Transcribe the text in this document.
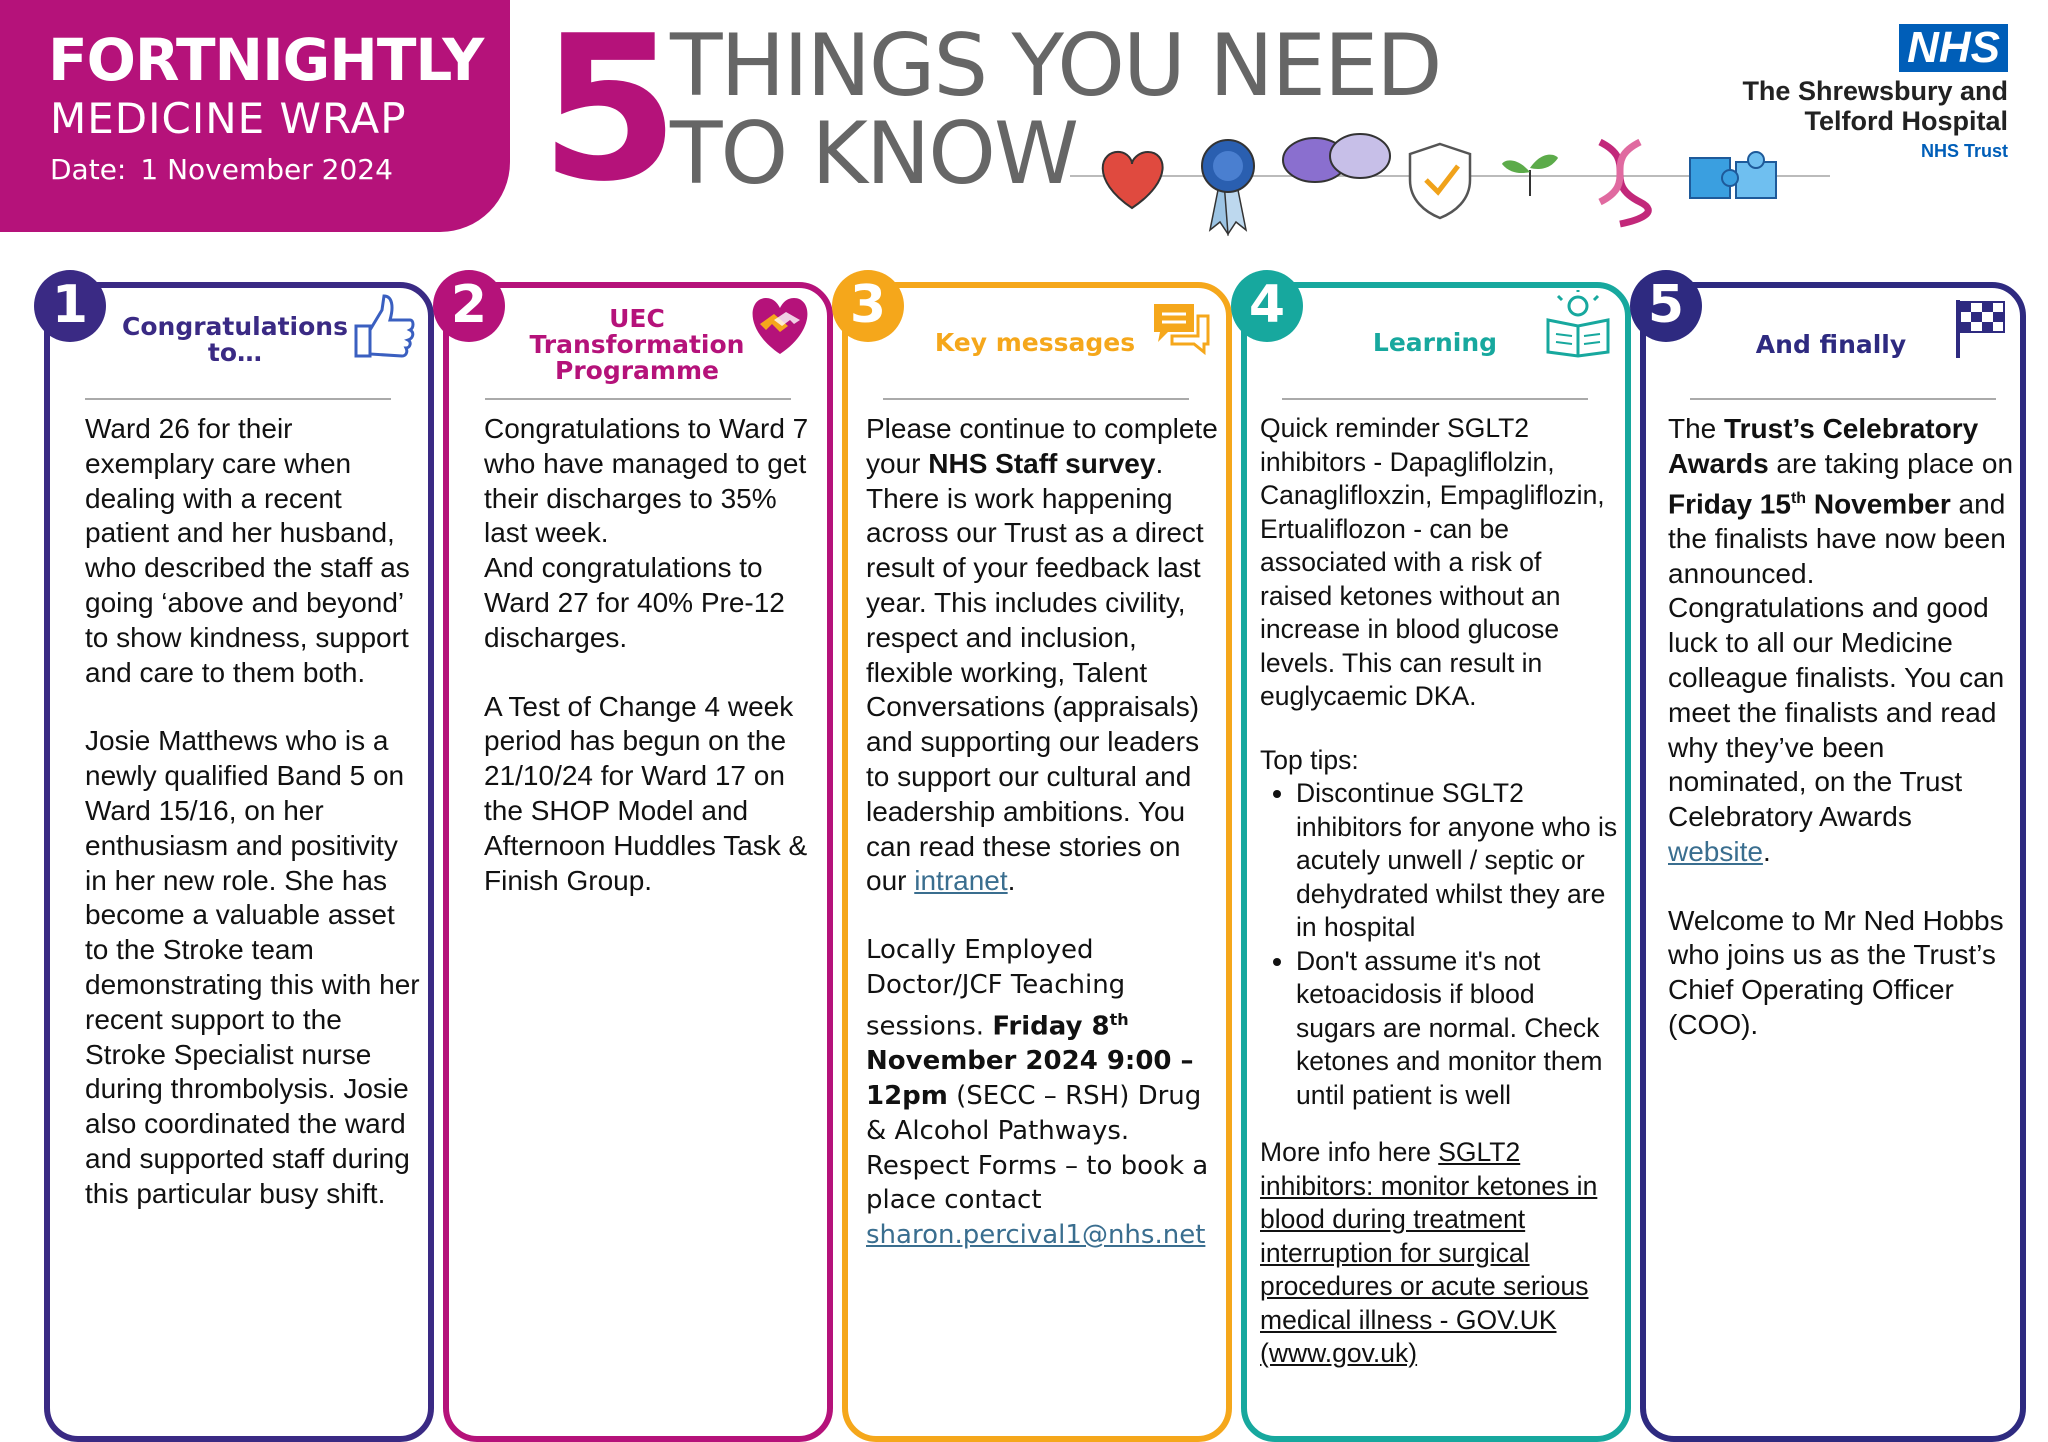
FORTNIGHTLY
MEDICINE WRAP
Date: 1 November 2024 5
THINGS YOU NEED
TO KNOW
NHS
The Shrewsbury and
Telford Hospital
NHS Trust
1	Congratulations to…

Ward 26 for their exemplary care when dealing with a recent patient and her husband, who described the staff as going ‘above and beyond’ to show kindness, support and care to them both.

Josie Matthews who is a newly qualified Band 5 on Ward 15/16, on her enthusiasm and positivity in her new role. She has become a valuable asset to the Stroke team demonstrating this with her recent support to the Stroke Specialist nurse during thrombolysis. Josie also coordinated the ward and supported staff during this particular busy shift.

2	UEC
Transformation
Programme

Congratulations to Ward 7 who have managed to get their discharges to 35% last week.

And congratulations to Ward 27 for 40% Pre-12 discharges.

A Test of Change 4 week period has begun on the 21/10/24 for Ward 17 on the SHOP Model and Afternoon Huddles Task & Finish Group.

3
Key messages

Please continue to complete your NHS Staff survey. There is work happening across our Trust as a direct result of your feedback last year. This includes civility, respect and inclusion, flexible working, Talent Conversations (appraisals) and supporting our leaders to support our cultural and leadership ambitions. You can read these stories on our intranet.

Locally Employed Doctor/JCF Teaching sessions. Friday 8th November 2024 9:00 – 12pm (SECC – RSH) Drug & Alcohol Pathways. Respect Forms – to book a place contact sharon.percival1@nhs.net

4
Learning

Quick reminder SGLT2 inhibitors - Dapagliflolzin, Canaglifloxzin, Empagliflozin, Ertualiflozon - can be associated with a risk of raised ketones without an increase in blood glucose levels. This can result in euglycaemic DKA.

Top tips:

• Discontinue SGLT2 inhibitors for anyone who is acutely unwell / septic or dehydrated whilst they are in hospital
• Don't assume it's not ketoacidosis if blood sugars are normal. Check ketones and monitor them until patient is well

More info here SGLT2 inhibitors: monitor ketones in blood during treatment interruption for surgical procedures or acute serious medical illness - GOV.UK (www.gov.uk)

5
And finally

The Trust’s Celebratory Awards are taking place on Friday 15th November and the finalists have now been announced. Congratulations and good luck to all our Medicine colleague finalists. You can meet the finalists and read why they’ve been nominated, on the Trust Celebratory Awards website.

Welcome to Mr Ned Hobbs who joins us as the Trust’s Chief Operating Officer (COO).
